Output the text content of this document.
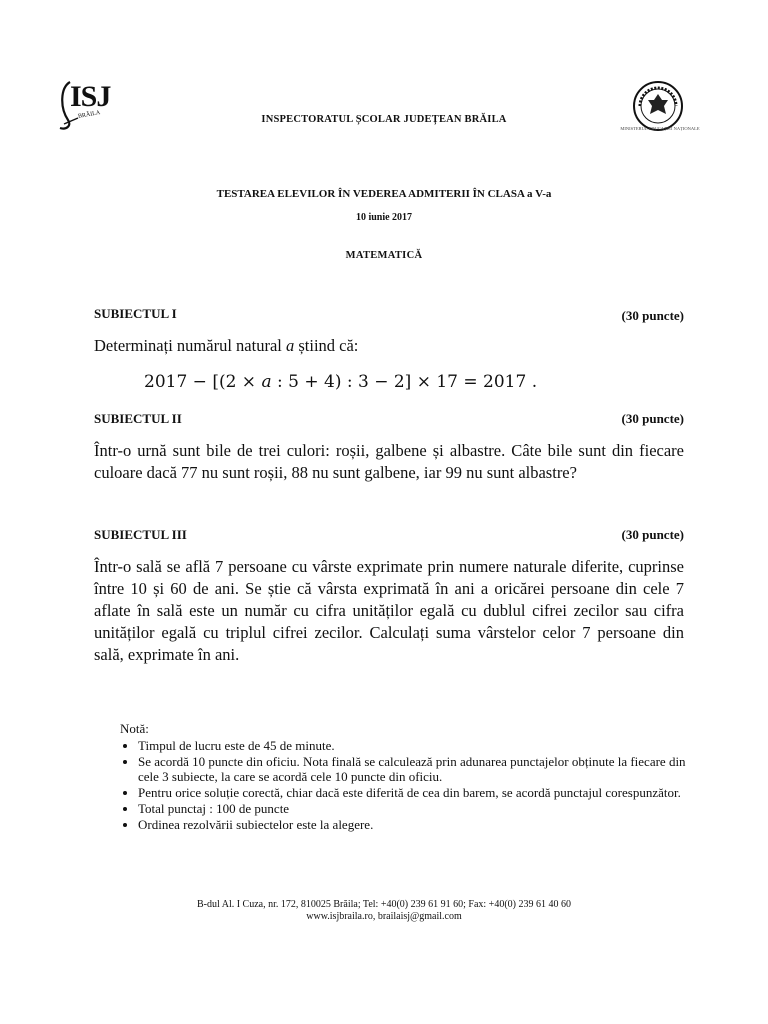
ISJ
BRĂILA	INSPECTORATUL ȘCOLAR JUDEȚEAN BRĂILA
MINISTERUL EDUCAȚIEI NAȚIONALE
TESTAREA ELEVILOR ÎN VEDEREA ADMITERII ÎN CLASA a V-a
10 iunie 2017
MATEMATICĂ
SUBIECTUL I	(30 puncte)
Determinați numărul natural a știind că:
2017 − [(2 × a : 5 + 4) : 3 − 2] × 17 = 2017 .
SUBIECTUL II	(30 puncte)
Într-o urnă sunt bile de trei culori: roșii, galbene și albastre. Câte bile sunt din fiecare culoare dacă 77 nu sunt roșii, 88 nu sunt galbene, iar 99 nu sunt albastre?
SUBIECTUL III	(30 puncte)
Într-o sală se află 7 persoane cu vârste exprimate prin numere naturale diferite, cuprinse între 10 și 60 de ani. Se știe că vârsta exprimată în ani a oricărei persoane din cele 7 aflate în sală este un număr cu cifra unităților egală cu dublul cifrei zecilor sau cifra unităților egală cu triplul cifrei zecilor. Calculați suma vârstelor celor 7 persoane din sală, exprimate în ani.
Notă:
• Timpul de lucru este de 45 de minute.
• Se acordă 10 puncte din oficiu. Nota finală se calculează prin adunarea punctajelor obținute la fiecare din cele 3 subiecte, la care se acordă cele 10 puncte din oficiu.
• Pentru orice soluție corectă, chiar dacă este diferită de cea din barem, se acordă punctajul corespunzător.
• Total punctaj : 100 de puncte
• Ordinea rezolvării subiectelor este la alegere.
B-dul Al. I Cuza, nr. 172, 810025 Brăila; Tel: +40(0) 239 61 91 60; Fax: +40(0) 239 61 40 60
www.isjbraila.ro, brailaisj@gmail.com
